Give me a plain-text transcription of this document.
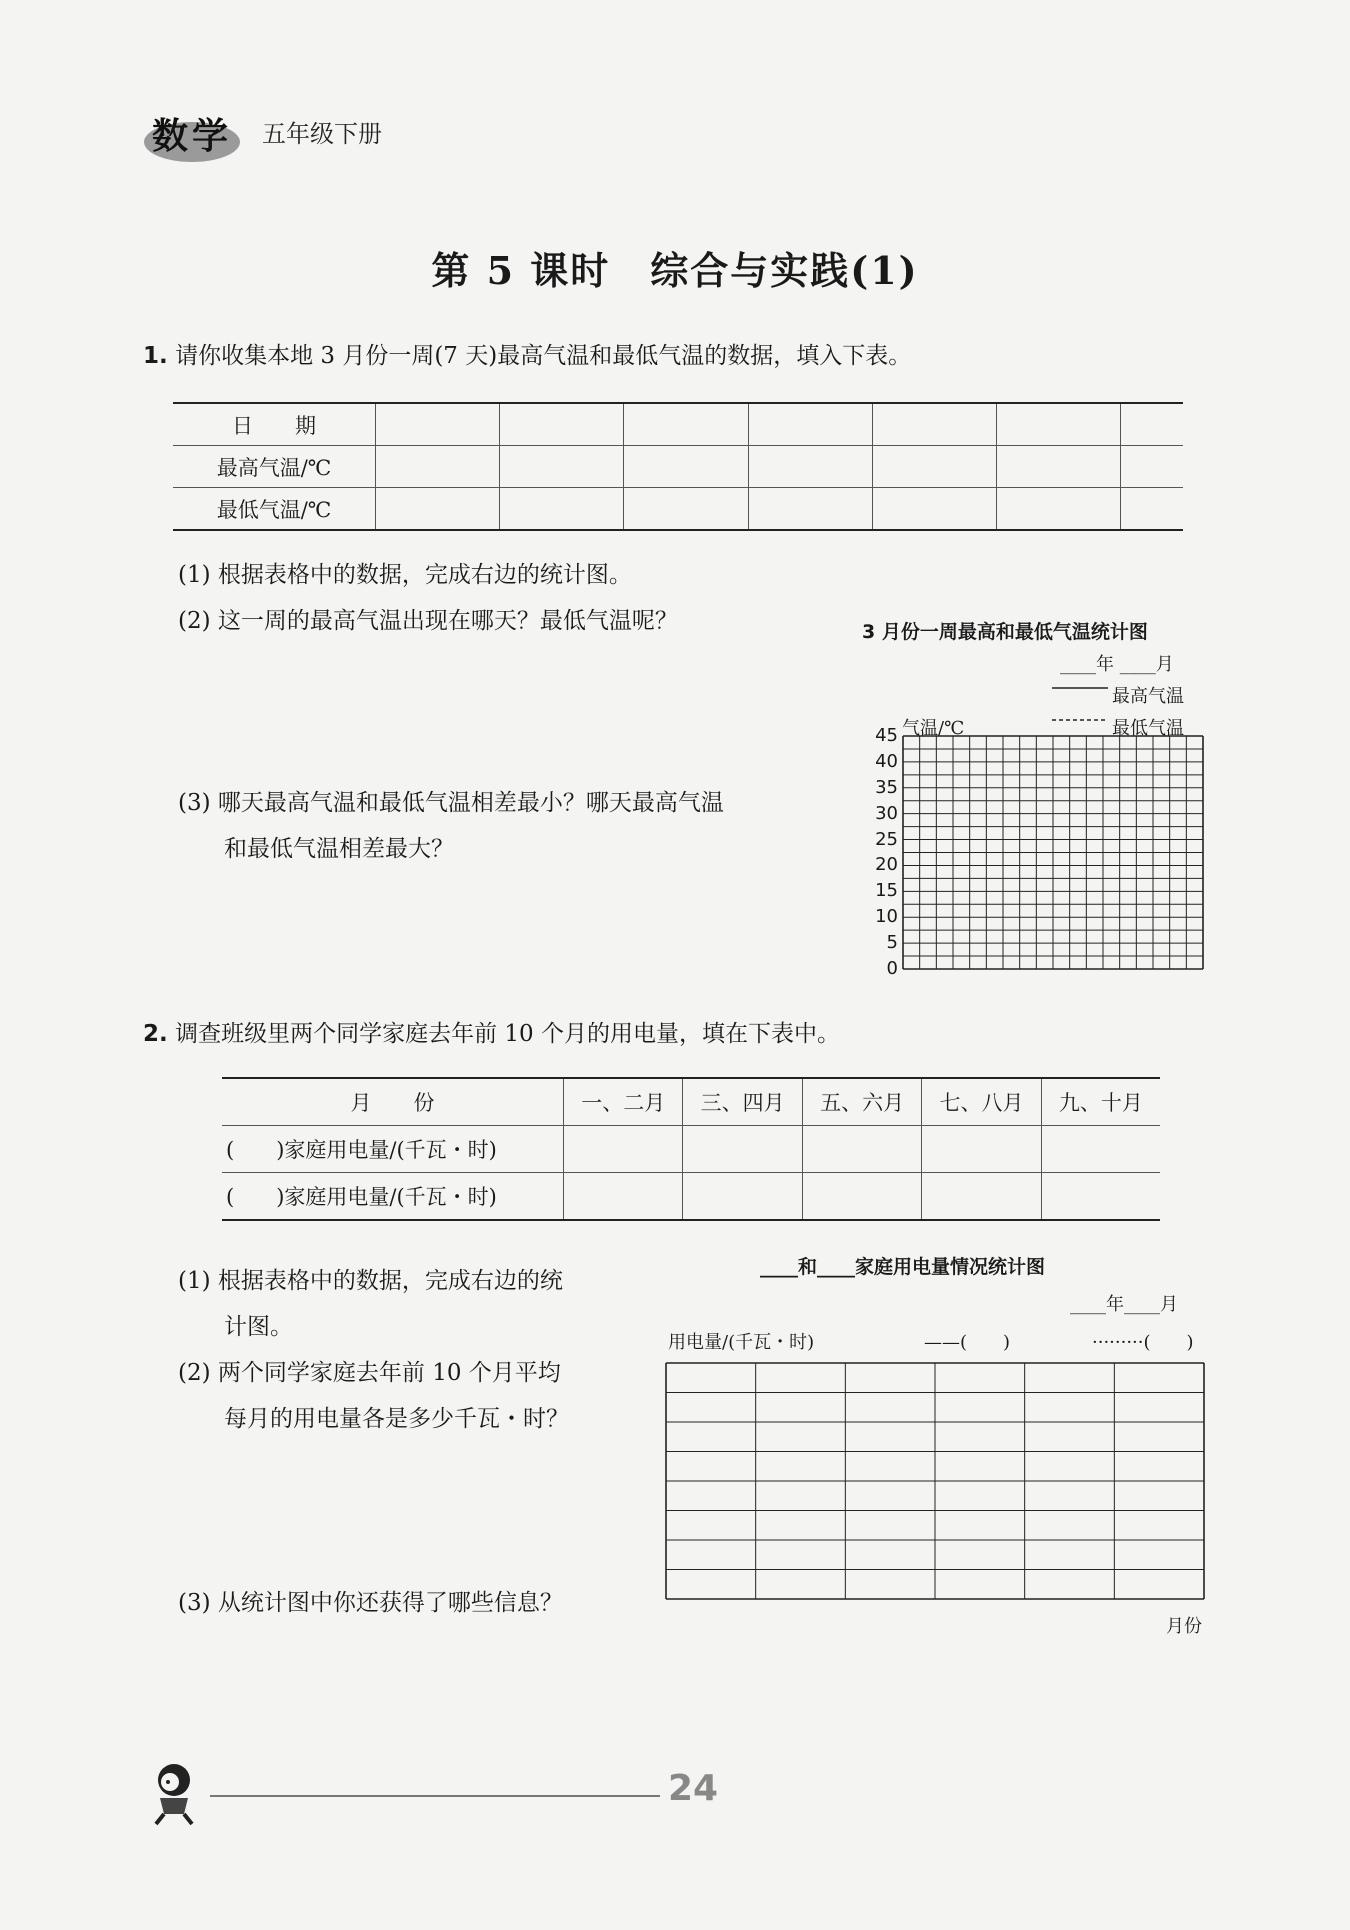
数学 五年级下册
第 5 课时　综合与实践(1)
1. 请你收集本地 3 月份一周(7 天)最高气温和最低气温的数据，填入下表。
日　　期							
最高气温/℃							
最低气温/℃							
(1) 根据表格中的数据，完成右边的统计图。
(2) 这一周的最高气温出现在哪天？最低气温呢？
(3) 哪天最高气温和最低气温相差最小？哪天最高气温
和最低气温相差最大？
3 月份一周最高和最低气温统计图
____年 ____月
最高气温
最低气温
气温/℃
45
40
35
30
25
20
15
10
5
0
2. 调查班级里两个同学家庭去年前 10 个月的用电量，填在下表中。
月　　份	一、二月	三、四月	五、六月	七、八月	九、十月
(　　)家庭用电量/(千瓦・时)					
(　　)家庭用电量/(千瓦・时)					
(1) 根据表格中的数据，完成右边的统
计图。
(2) 两个同学家庭去年前 10 个月平均
每月的用电量各是多少千瓦・时？
(3) 从统计图中你还获得了哪些信息？
____和____家庭用电量情况统计图
____年____月
用电量/(千瓦・时)	——(　　)	·········(　　)
月份
24
